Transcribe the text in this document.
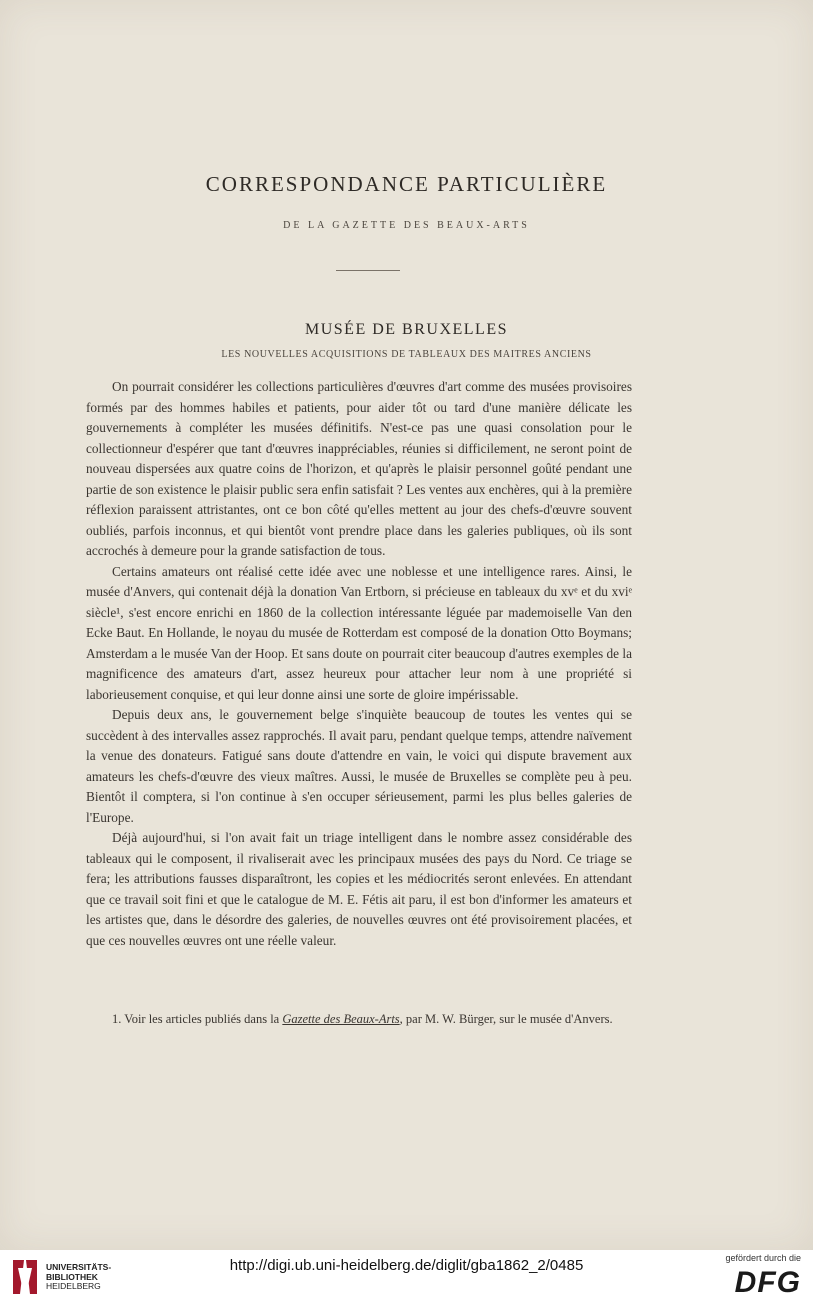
CORRESPONDANCE PARTICULIÈRE
DE LA GAZETTE DES BEAUX-ARTS
MUSÉE DE BRUXELLES
LES NOUVELLES ACQUISITIONS DE TABLEAUX DES MAITRES ANCIENS

On pourrait considérer les collections particulières d'œuvres d'art comme des musées provisoires formés par des hommes habiles et patients, pour aider tôt ou tard d'une manière délicate les gouvernements à compléter les musées définitifs. N'est-ce pas une quasi consolation pour le collectionneur d'espérer que tant d'œuvres inappréciables, réunies si difficilement, ne seront point de nouveau dispersées aux quatre coins de l'horizon, et qu'après le plaisir personnel goûté pendant une partie de son existence le plaisir public sera enfin satisfait ? Les ventes aux enchères, qui à la première réflexion paraissent attristantes, ont ce bon côté qu'elles mettent au jour des chefs-d'œuvre souvent oubliés, parfois inconnus, et qui bientôt vont prendre place dans les galeries publiques, où ils sont accrochés à demeure pour la grande satisfaction de tous.

Certains amateurs ont réalisé cette idée avec une noblesse et une intelligence rares. Ainsi, le musée d'Anvers, qui contenait déjà la donation Van Ertborn, si précieuse en tableaux du xvᵉ et du xviᵉ siècle¹, s'est encore enrichi en 1860 de la collection intéressante léguée par mademoiselle Van den Ecke Baut. En Hollande, le noyau du musée de Rotterdam est composé de la donation Otto Boymans; Amsterdam a le musée Van der Hoop. Et sans doute on pourrait citer beaucoup d'autres exemples de la magnificence des amateurs d'art, assez heureux pour attacher leur nom à une propriété si laborieusement conquise, et qui leur donne ainsi une sorte de gloire impérissable.

Depuis deux ans, le gouvernement belge s'inquiète beaucoup de toutes les ventes qui se succèdent à des intervalles assez rapprochés. Il avait paru, pendant quelque temps, attendre naïvement la venue des donateurs. Fatigué sans doute d'attendre en vain, le voici qui dispute bravement aux amateurs les chefs-d'œuvre des vieux maîtres. Aussi, le musée de Bruxelles se complète peu à peu. Bientôt il comptera, si l'on continue à s'en occuper sérieusement, parmi les plus belles galeries de l'Europe.

Déjà aujourd'hui, si l'on avait fait un triage intelligent dans le nombre assez considérable des tableaux qui le composent, il rivaliserait avec les principaux musées des pays du Nord. Ce triage se fera; les attributions fausses disparaîtront, les copies et les médiocrités seront enlevées. En attendant que ce travail soit fini et que le catalogue de M. E. Fétis ait paru, il est bon d'informer les amateurs et les artistes que, dans le désordre des galeries, de nouvelles œuvres ont été provisoirement placées, et que ces nouvelles œuvres ont une réelle valeur.

1. Voir les articles publiés dans la Gazette des Beaux-Arts, par M. W. Bürger, sur le musée d'Anvers.
UNIVERSITÄTS-
BIBLIOTHEK
HEIDELBERG
http://digi.ub.uni-heidelberg.de/diglit/gba1862_2/0485	gefördert durch die
DFG
